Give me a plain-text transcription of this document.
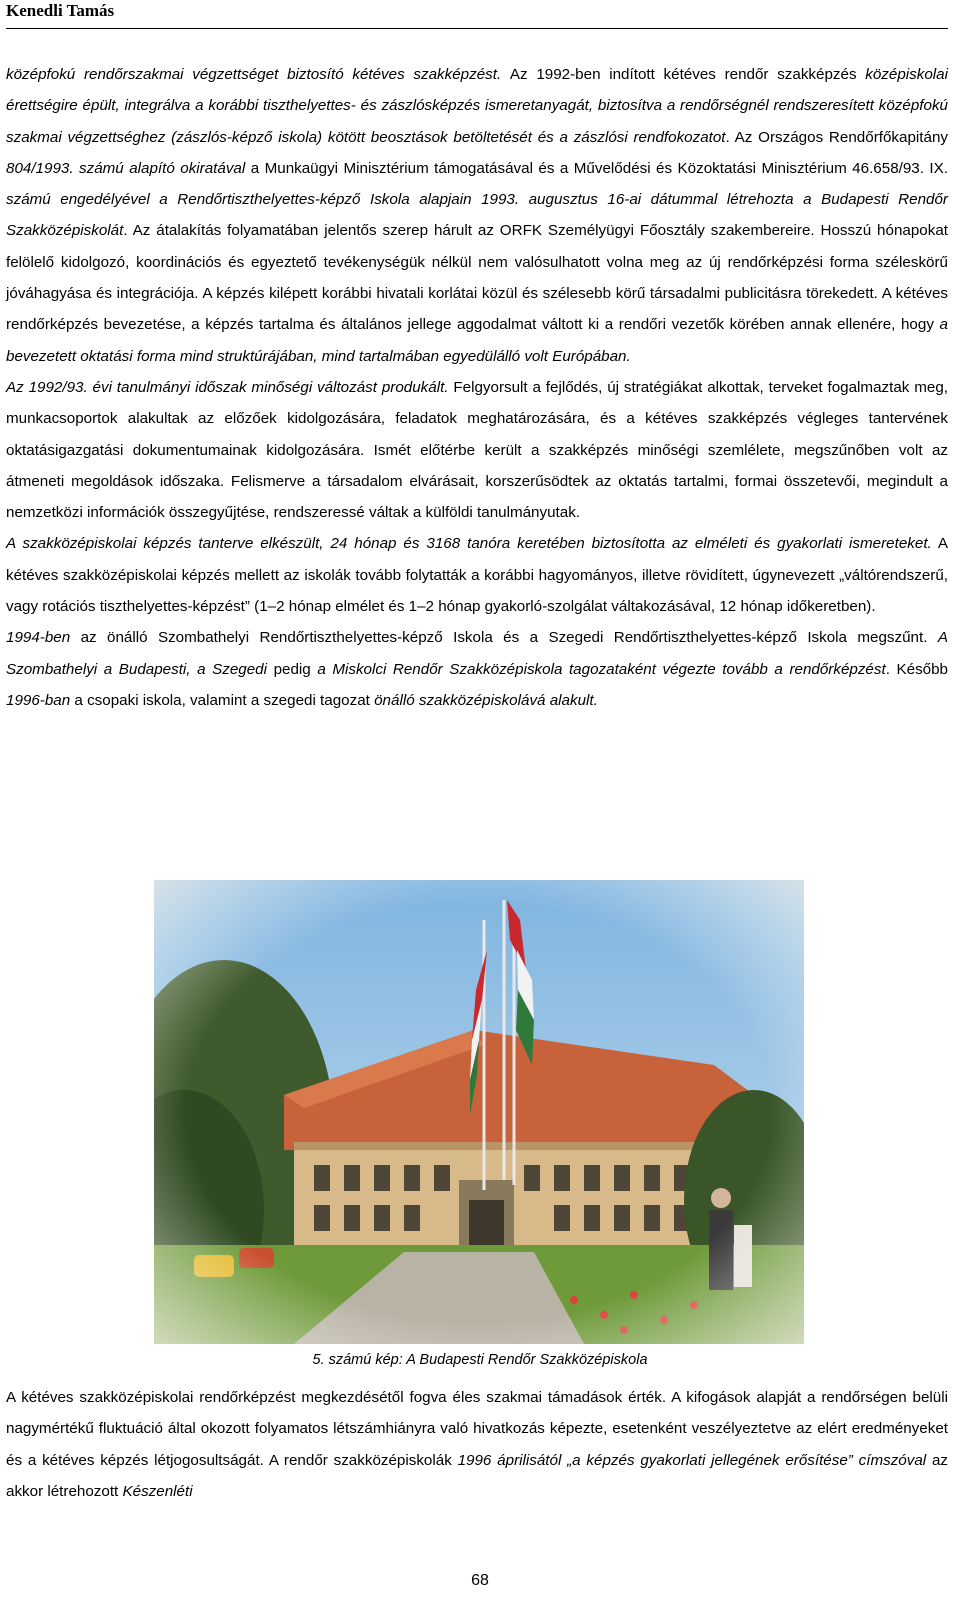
Kenedli Tamás

középfokú rendőrszakmai végzettséget biztosító kétéves szakképzést. Az 1992-ben indított kétéves rendőr szakképzés középiskolai érettségire épült, integrálva a korábbi tiszthelyettes- és zászlósképzés ismeretanyagát, biztosítva a rendőrségnél rendszeresített középfokú szakmai végzettséghez (zászlós-képző iskola) kötött beosztások betöltetését és a zászlósi rendfokozatot. Az Országos Rendőrfőkapitány 804/1993. számú alapító okiratával a Munkaügyi Minisztérium támogatásával és a Művelődési és Közoktatási Minisztérium 46.658/93. IX. számú engedélyével a Rendőrtiszthelyettes-képző Iskola alapjain 1993. augusztus 16-ai dátummal létrehozta a Budapesti Rendőr Szakközépiskolát. Az átalakítás folyamatában jelentős szerep hárult az ORFK Személyügyi Főosztály szakembereire. Hosszú hónapokat felölelő kidolgozó, koordinációs és egyeztető tevékenységük nélkül nem valósulhatott volna meg az új rendőrképzési forma széleskörű jóváhagyása és integrációja. A képzés kilépett korábbi hivatali korlátai közül és szélesebb körű társadalmi publicitásra törekedett. A kétéves rendőrképzés bevezetése, a képzés tartalma és általános jellege aggodalmat váltott ki a rendőri vezetők körében annak ellenére, hogy a bevezetett oktatási forma mind struktúrájában, mind tartalmában egyedülálló volt Európában.

Az 1992/93. évi tanulmányi időszak minőségi változást produkált. Felgyorsult a fejlődés, új stratégiákat alkottak, terveket fogalmaztak meg, munkacsoportok alakultak az előzőek kidolgozására, feladatok meghatározására, és a kétéves szakképzés végleges tantervének oktatásigazgatási dokumentumainak kidolgozására. Ismét előtérbe került a szakképzés minőségi szemlélete, megszűnőben volt az átmeneti megoldások időszaka. Felismerve a társadalom elvárásait, korszerűsödtek az oktatás tartalmi, formai összetevői, megindult a nemzetközi információk összegyűjtése, rendszeressé váltak a külföldi tanulmányutak.

A szakközépiskolai képzés tanterve elkészült, 24 hónap és 3168 tanóra keretében biztosította az elméleti és gyakorlati ismereteket. A kétéves szakközépiskolai képzés mellett az iskolák tovább folytatták a korábbi hagyományos, illetve rövidített, úgynevezett „váltórendszerű, vagy rotációs tiszthelyettes-képzést” (1–2 hónap elmélet és 1–2 hónap gyakorló-szolgálat váltakozásával, 12 hónap időkeretben).

1994-ben az önálló Szombathelyi Rendőrtiszthelyettes-képző Iskola és a Szegedi Rendőrtiszthelyettes-képző Iskola megszűnt. A Szombathelyi a Budapesti, a Szegedi pedig a Miskolci Rendőr Szakközépiskola tagozataként végezte tovább a rendőrképzést. Később 1996-ban a csopaki iskola, valamint a szegedi tagozat önálló szakközépiskolává alakult.

5. számú kép: A Budapesti Rendőr Szakközépiskola

A kétéves szakközépiskolai rendőrképzést megkezdésétől fogva éles szakmai támadások érték. A kifogások alapját a rendőrségen belüli nagymértékű fluktuáció által okozott folyamatos létszámhiányra való hivatkozás képezte, esetenként veszélyeztetve az elért eredményeket és a kétéves képzés létjogosultságát. A rendőr szakközépiskolák 1996 áprilisától „a képzés gyakorlati jellegének erősítése” címszóval az akkor létrehozott Készenléti

68
